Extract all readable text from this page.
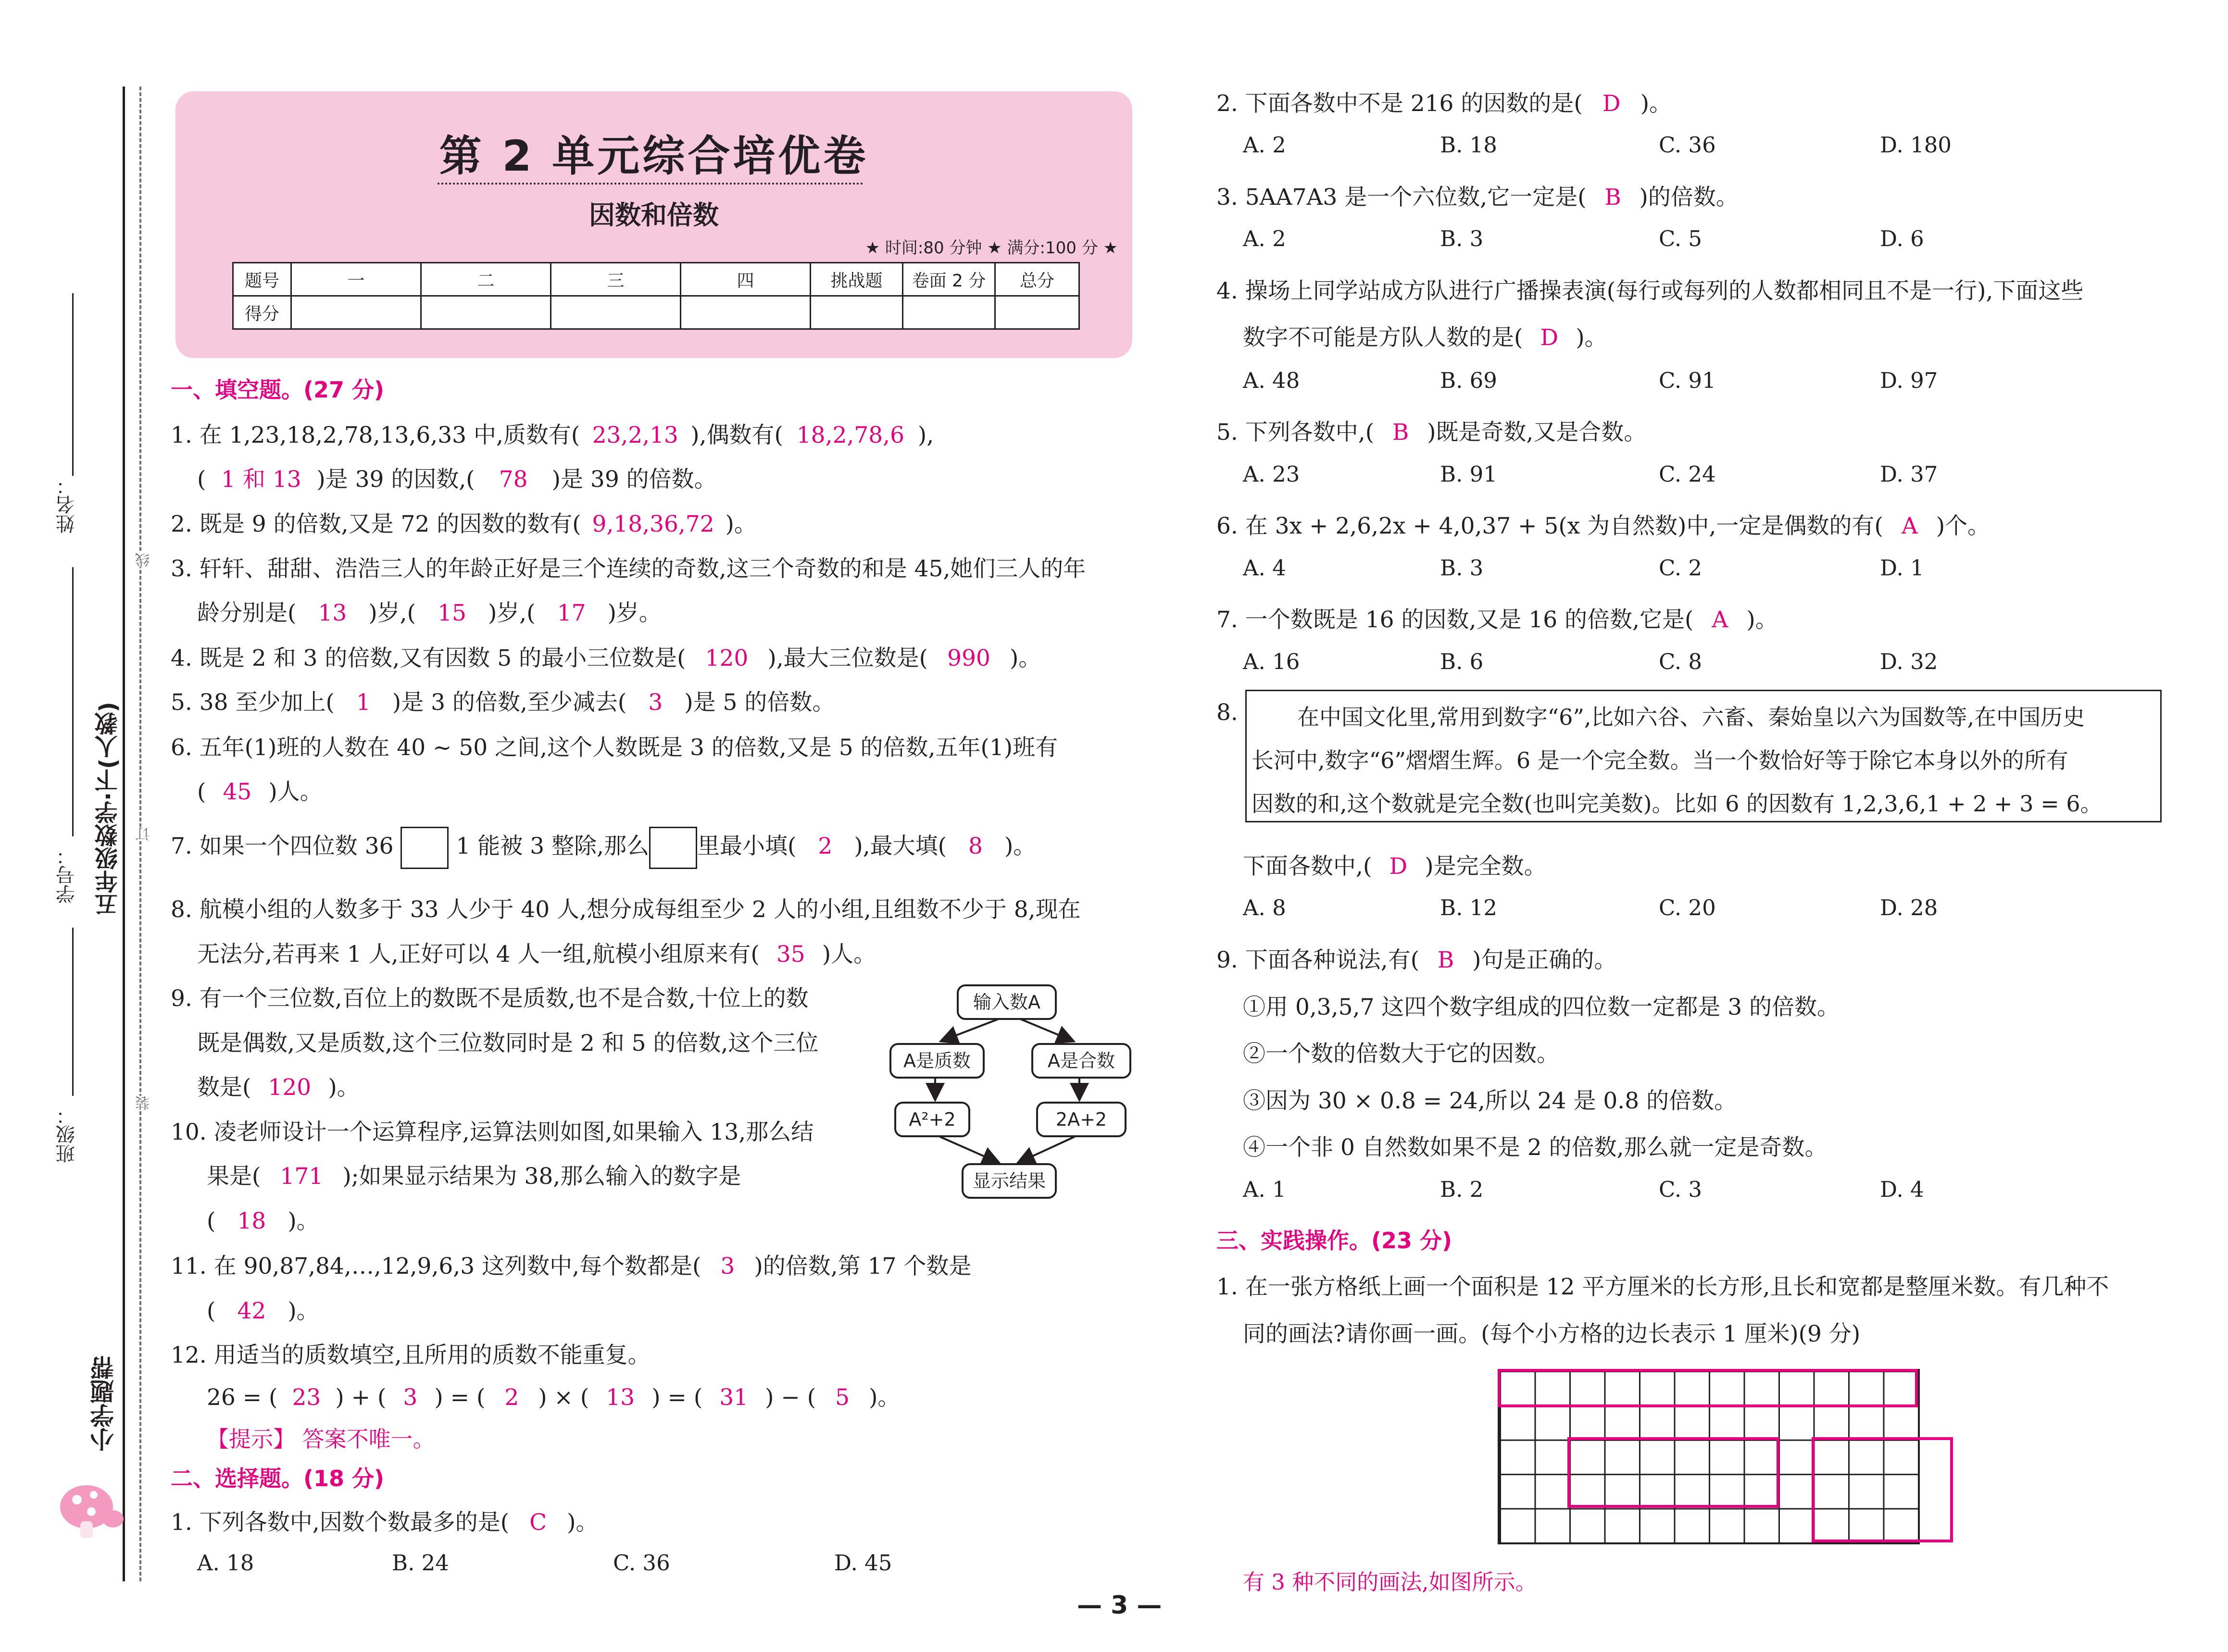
姓名：
学号：
班级：
五年级数学·下(人教)
小学题帮
线
订
装
第 2 单元综合培优卷
因数和倍数
★ 时间:80 分钟 ★ 满分:100 分 ★
题号	一	二	三	四	挑战题	卷面 2 分	总分
得分							
一、填空题。(27 分)
1. 在 1,23,18,2,78,13,6,33 中,质数有( 23,2,13 ),偶数有( 18,2,78,6 ),
( 1 和 13 )是 39 的因数,( 78 )是 39 的倍数。
2. 既是 9 的倍数,又是 72 的因数的数有( 9,18,36,72 )。
3. 轩轩、甜甜、浩浩三人的年龄正好是三个连续的奇数,这三个奇数的和是 45,她们三人的年
龄分别是( 13 )岁,( 15 )岁,( 17 )岁。
4. 既是 2 和 3 的倍数,又有因数 5 的最小三位数是( 120 ),最大三位数是( 990 )。
5. 38 至少加上( 1 )是 3 的倍数,至少减去( 3 )是 5 的倍数。
6. 五年(1)班的人数在 40 ~ 50 之间,这个人数既是 3 的倍数,又是 5 的倍数,五年(1)班有
( 45 )人。
7. 如果一个四位数 36	1 能被 3 整除,那么 里最小填( 2 ),最大填( 8 )。
8. 航模小组的人数多于 33 人少于 40 人,想分成每组至少 2 人的小组,且组数不少于 8,现在
无法分,若再来 1 人,正好可以 4 人一组,航模小组原来有( 35 )人。
9. 有一个三位数,百位上的数既不是质数,也不是合数,十位上的数
既是偶数,又是质数,这个三位数同时是 2 和 5 的倍数,这个三位
数是( 120 )。
10. 凌老师设计一个运算程序,运算法则如图,如果输入 13,那么结
果是( 171 );如果显示结果为 38,那么输入的数字是
( 18 )。
输入数A
A是质数	A是合数
A²+2	2A+2
显示结果
11. 在 90,87,84,…,12,9,6,3 这列数中,每个数都是( 3 )的倍数,第 17 个数是
( 42 )。
12. 用适当的质数填空,且所用的质数不能重复。
26 = ( 23 ) + ( 3 ) = ( 2 ) × ( 13 ) = ( 31 ) − ( 5 )。
【提示】 答案不唯一。
二、选择题。(18 分)
1. 下列各数中,因数个数最多的是( C )。
A. 18	B. 24	C. 36	D. 45
2. 下面各数中不是 216 的因数的是( D )。
A. 2	B. 18	C. 36	D. 180
3. 5AA7A3 是一个六位数,它一定是( B )的倍数。
A. 2	B. 3	C. 5	D. 6
4. 操场上同学站成方队进行广播操表演(每行或每列的人数都相同且不是一行),下面这些
数字不可能是方队人数的是( D )。
A. 48	B. 69	C. 91	D. 97
5. 下列各数中,( B )既是奇数,又是合数。
A. 23	B. 91	C. 24	D. 37
6. 在 3x + 2,6,2x + 4,0,37 + 5(x 为自然数)中,一定是偶数的有( A )个。
A. 4	B. 3	C. 2	D. 1
7. 一个数既是 16 的因数,又是 16 的倍数,它是( A )。
A. 16	B. 6	C. 8	D. 32
8.	在中国文化里,常用到数字“6”,比如六谷、六畜、秦始皇以六为国数等,在中国历史
长河中,数字“6”熠熠生辉。6 是一个完全数。当一个数恰好等于除它本身以外的所有
因数的和,这个数就是完全数(也叫完美数)。比如 6 的因数有 1,2,3,6,1 + 2 + 3 = 6。
下面各数中,( D )是完全数。
A. 8	B. 12	C. 20	D. 28
9. 下面各种说法,有( B )句是正确的。
①用 0,3,5,7 这四个数字组成的四位数一定都是 3 的倍数。
②一个数的倍数大于它的因数。
③因为 30 × 0.8 = 24,所以 24 是 0.8 的倍数。
④一个非 0 自然数如果不是 2 的倍数,那么就一定是奇数。
A. 1	B. 2	C. 3	D. 4
三、实践操作。(23 分)
1. 在一张方格纸上画一个面积是 12 平方厘米的长方形,且长和宽都是整厘米数。有几种不
同的画法?请你画一画。(每个小方格的边长表示 1 厘米)(9 分)
有 3 种不同的画法,如图所示。
— 3 —
